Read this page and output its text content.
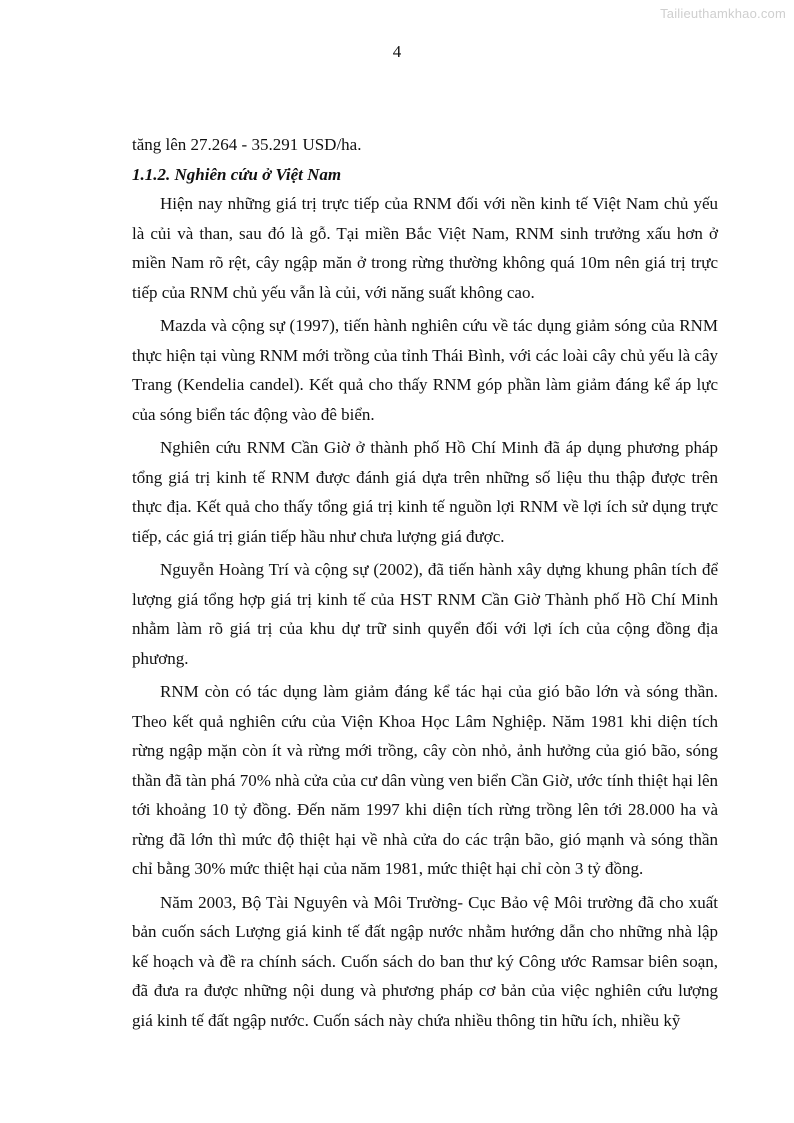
Tailieuthamkhao.com
4

tăng lên 27.264 - 35.291 USD/ha.

1.1.2. Nghiên cứu ở Việt Nam

Hiện nay những giá trị trực tiếp của RNM đối với nền kinh tế Việt Nam chủ yếu là củi và than, sau đó là gỗ. Tại miền Bắc Việt Nam, RNM sinh trưởng xấu hơn ở miền Nam rõ rệt, cây ngập măn ở trong rừng thường không quá 10m nên giá trị trực tiếp của RNM chủ yếu vẫn là củi, với năng suất không cao.

Mazda và cộng sự (1997), tiến hành nghiên cứu về tác dụng giảm sóng của RNM thực hiện tại vùng RNM mới trồng của tỉnh Thái Bình, với các loài cây chủ yếu là cây Trang (Kendelia candel). Kết quả cho thấy RNM góp phần làm giảm đáng kể áp lực của sóng biển tác động vào đê biển.

Nghiên cứu RNM Cần Giờ ở thành phố Hồ Chí Minh đã áp dụng phương pháp tổng giá trị kinh tế RNM được đánh giá dựa trên những số liệu thu thập được trên thực địa. Kết quả cho thấy tổng giá trị kinh tế nguồn lợi RNM về lợi ích sử dụng trực tiếp, các giá trị gián tiếp hầu như chưa lượng giá được.

Nguyễn Hoàng Trí và cộng sự (2002), đã tiến hành xây dựng khung phân tích để lượng giá tổng hợp giá trị kinh tế của HST RNM Cần Giờ Thành phố Hồ Chí Minh nhằm làm rõ giá trị của khu dự trữ sinh quyển đối với lợi ích của cộng đồng địa phương.

RNM còn có tác dụng làm giảm đáng kể tác hại của gió bão lớn và sóng thần. Theo kết quả nghiên cứu của Viện Khoa Học Lâm Nghiệp. Năm 1981 khi diện tích rừng ngập mặn còn ít và rừng mới trồng, cây còn nhỏ, ảnh hưởng của gió bão, sóng thần đã tàn phá 70% nhà cửa của cư dân vùng ven biển Cần Giờ, ước tính thiệt hại lên tới khoảng 10 tỷ đồng. Đến năm 1997 khi diện tích rừng trồng lên tới 28.000 ha và rừng đã lớn thì mức độ thiệt hại về nhà cửa do các trận bão, gió mạnh và sóng thần chỉ bằng 30% mức thiệt hại của năm 1981, mức thiệt hại chỉ còn 3 tỷ đồng.

Năm 2003, Bộ Tài Nguyên và Môi Trường- Cục Bảo vệ Môi trường đã cho xuất bản cuốn sách Lượng giá kinh tế đất ngập nước nhằm hướng dẫn cho những nhà lập kế hoạch và đề ra chính sách. Cuốn sách do ban thư ký Công ước Ramsar biên soạn, đã đưa ra được những nội dung và phương pháp cơ bản của việc nghiên cứu lượng giá kinh tế đất ngập nước. Cuốn sách này chứa nhiều thông tin hữu ích, nhiều kỹ
